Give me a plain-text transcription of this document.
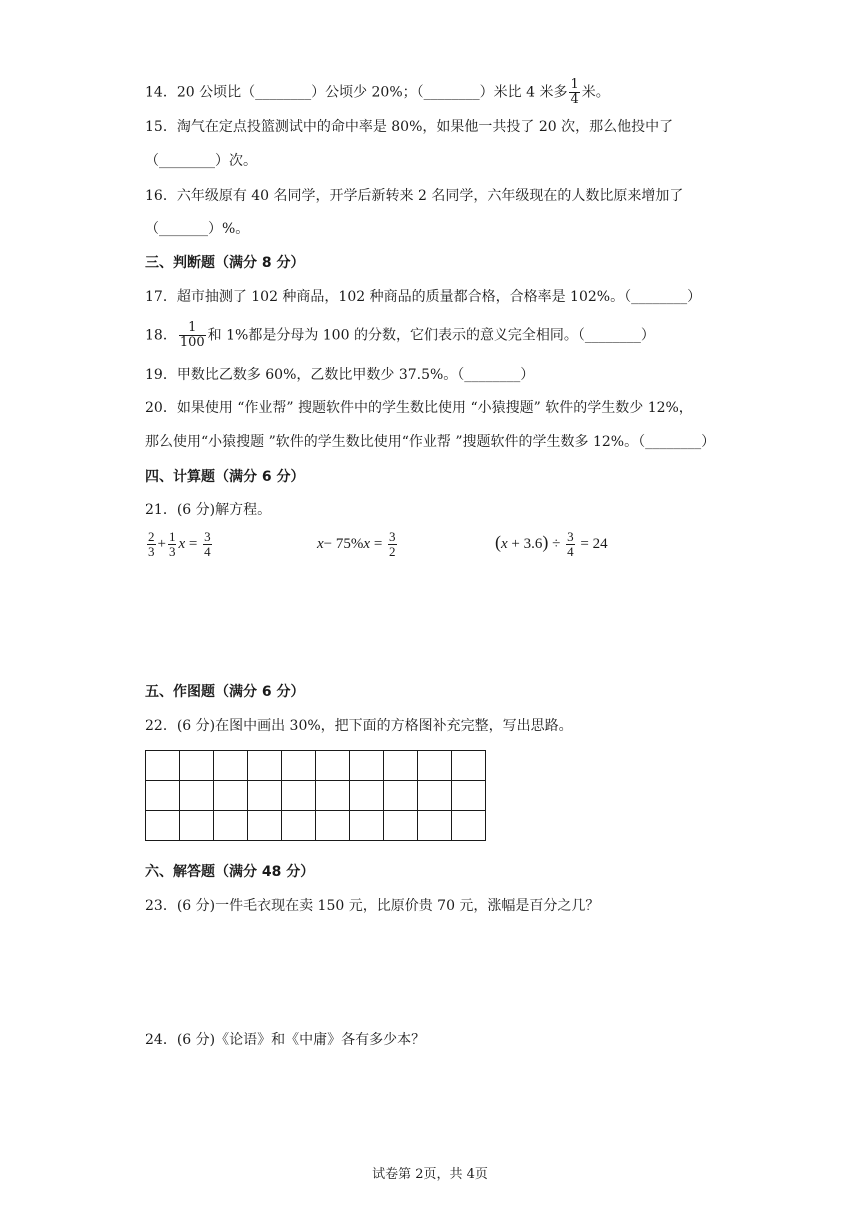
14．20 公顷比（________）公顷少 20%；（________）米比 4 米多 $\frac{1}{4}$ 米。
15．淘气在定点投篮测试中的命中率是 80%，如果他一共投了 20 次，那么他投中了
（________）次。
16．六年级原有 40 名同学，开学后新转来 2 名同学，六年级现在的人数比原来增加了
（_______）%。
三、判断题（满分 8 分）
17．超市抽测了 102 种商品，102 种商品的质量都合格，合格率是 102%。（________）
18． $\frac{1}{100}$ 和 1%都是分母为 100 的分数，它们表示的意义完全相同。（________）
19．甲数比乙数多 60%，乙数比甲数少 37.5%。（________）
20．如果使用 “作业帮” 搜题软件中的学生数比使用 “小猿搜题” 软件的学生数少 12%，
那么使用“小猿搜题 ”软件的学生数比使用“作业帮 ”搜题软件的学生数多 12%。（________）
四、计算题（满分 6 分）
21．(6 分)解方程。
$\frac{2}{3} + \frac{1}{3}$ $x = \frac{3}{4}$	$x- 75\%x = \frac{3}{2}$	$(x + 3.6) \div \frac{3}{4} = 24$
五、作图题（满分 6 分）
22．(6 分)在图中画出 30%，把下面的方格图补充完整，写出思路。

六、解答题（满分 48 分）
23．(6 分)一件毛衣现在卖 150 元，比原价贵 70 元，涨幅是百分之几？
24．(6 分)《论语》和《中庸》各有多少本？
试卷第 2页，共 4页
